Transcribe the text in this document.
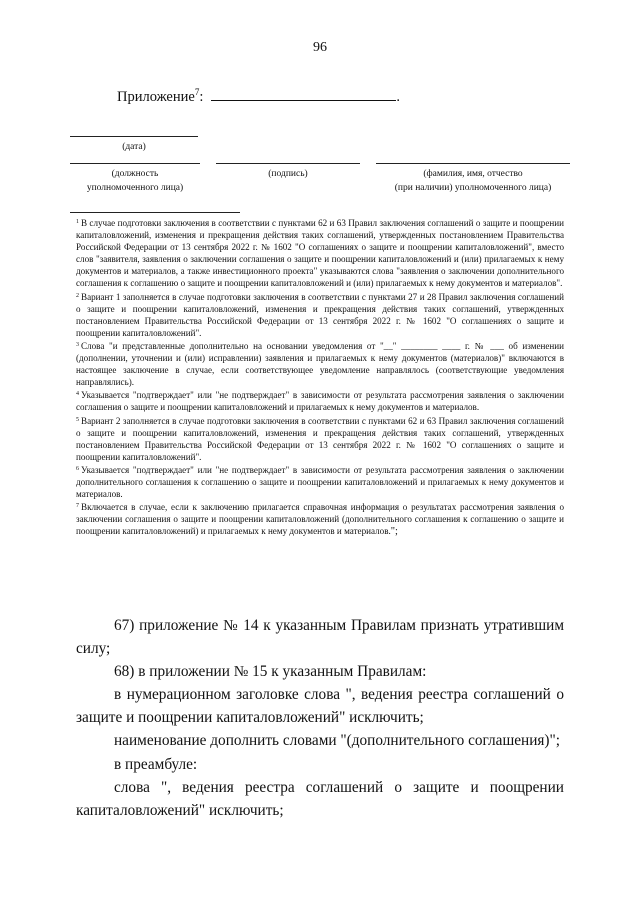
96
Приложение$^7$:	.
(дата)
(должность
уполномоченного лица)
(подпись)	(фамилия, имя, отчество
(при наличии) уполномоченного лица)

$^1$ В случае подготовки заключения в соответствии с пунктами 62 и 63 Правил заключения соглашений о защите и поощрении капиталовложений, изменения и прекращения действия таких соглашений, утвержденных постановлением Правительства Российской Федерации от 13 сентября 2022 г. № 1602 "О соглашениях о защите и поощрении капиталовложений", вместо слов "заявителя, заявления о заключении соглашения о защите и поощрении капиталовложений и (или) прилагаемых к нему документов и материалов, а также инвестиционного проекта" указываются слова "заявления о заключении дополнительного соглашения к соглашению о защите и поощрении капиталовложений и (или) прилагаемых к нему документов и материалов".

$^2$ Вариант 1 заполняется в случае подготовки заключения в соответствии с пунктами 27 и 28 Правил заключения соглашений о защите и поощрении капиталовложений, изменения и прекращения действия таких соглашений, утвержденных постановлением Правительства Российской Федерации от 13 сентября 2022 г. № 1602 "О соглашениях о защите и поощрении капиталовложений".

$^3$ Слова "и представленные дополнительно на основании уведомления от "__" ________ ____ г. № ___ об изменении (дополнении, уточнении и (или) исправлении) заявления и прилагаемых к нему документов (материалов)" включаются в настоящее заключение в случае, если соответствующее уведомление направлялось (соответствующие уведомления направлялись).

$^4$ Указывается "подтверждает" или "не подтверждает" в зависимости от результата рассмотрения заявления о заключении соглашения о защите и поощрении капиталовложений и прилагаемых к нему документов и материалов.

$^5$ Вариант 2 заполняется в случае подготовки заключения в соответствии с пунктами 62 и 63 Правил заключения соглашений о защите и поощрении капиталовложений, изменения и прекращения действия таких соглашений, утвержденных постановлением Правительства Российской Федерации от 13 сентября 2022 г. № 1602 "О соглашениях о защите и поощрении капиталовложений".

$^6$ Указывается "подтверждает" или "не подтверждает" в зависимости от результата рассмотрения заявления о заключении дополнительного соглашения к соглашению о защите и поощрении капиталовложений и прилагаемых к нему документов и материалов.

$^7$ Включается в случае, если к заключению прилагается справочная информация о результатах рассмотрения заявления о заключении соглашения о защите и поощрении капиталовложений (дополнительного соглашения к соглашению о защите и поощрении капиталовложений) и прилагаемых к нему документов и материалов.";

67) приложение № 14 к указанным Правилам признать утратившим силу;

68) в приложении № 15 к указанным Правилам:

в нумерационном заголовке слова ", ведения реестра соглашений о защите и поощрении капиталовложений" исключить;

наименование дополнить словами "(дополнительного соглашения)";

в преамбуле:

слова ", ведения реестра соглашений о защите и поощрении капиталовложений" исключить;
